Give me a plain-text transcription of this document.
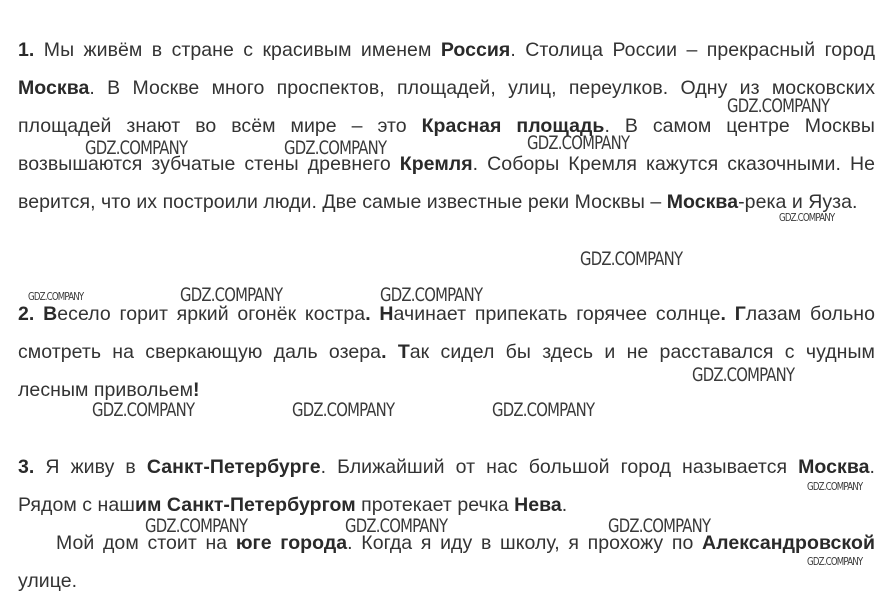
1. Мы живём в стране с красивым именем Россия. Столица России – прекрасный город Москва. В Москве много проспектов, площадей, улиц, переулков. Одну из московских площадей знают во всём мире – это Красная площадь. В самом центре Москвы возвышаются зубчатые стены древнего Кремля. Соборы Кремля кажутся сказочными. Не верится, что их построили люди. Две самые известные реки Москвы – Москва-река и Яуза.

2. Весело горит яркий огонёк костра. Начинает припекать горячее солнце. Глазам больно смотреть на сверкающую даль озера. Так сидел бы здесь и не расставался с чудным лесным привольем!

3. Я живу в Санкт-Петербурге. Ближайший от нас большой город называется Москва. Рядом с нашим Санкт-Петербургом протекает речка Нева.
Мой дом стоит на юге города. Когда я иду в школу, я прохожу по Александровской улице.

GDZ.COMPANY
GDZ.COMPANY	GDZ.COMPANY	GDZ.COMPANY
GDZ.COMPANY
GDZ.COMPANY
GDZ.COMPANY	GDZ.COMPANY	GDZ.COMPANY
GDZ.COMPANY
GDZ.COMPANY	GDZ.COMPANY	GDZ.COMPANY
GDZ.COMPANY
GDZ.COMPANY	GDZ.COMPANY	GDZ.COMPANY
GDZ.COMPANY
